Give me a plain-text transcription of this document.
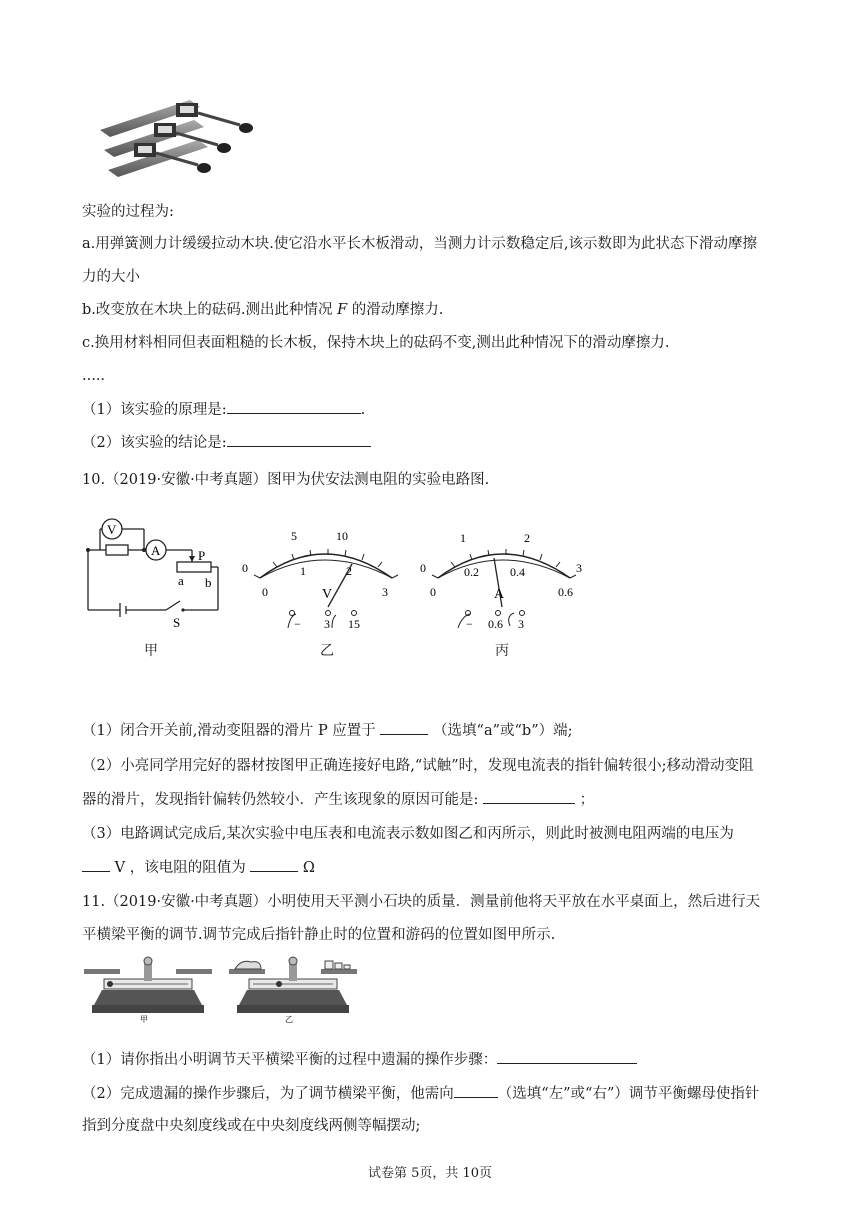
实验的过程为:
a.用弹簧测力计缓缓拉动木块.使它沿水平长木板滑动，当测力计示数稳定后,该示数即为此状态下滑动摩擦
力的大小
b.改变放在木块上的砝码.测出此种情况 F 的滑动摩擦力.
c.换用材料相同但表面粗糙的长木板，保持木块上的砝码不变,测出此种情况下的滑动摩擦力.
.....
（1）该实验的原理是:	.
（2）该实验的结论是:
10.（2019·安徽·中考真题）图甲为伏安法测电阻的实验电路图.
V
A	P
a b
S
0
5	10
0
1	2
3
V
− 3 15
0
1	2
3
0
0.2	0.4
0.6
A
− 0.6 3
甲	乙	丙
（1）闭合开关前,滑动变阻器的滑片 P 应置于	（选填“a”或“b”）端;
（2）小亮同学用完好的器材按图甲正确连接好电路,“试触”时，发现电流表的指针偏转很小;移动滑动变阻
器的滑片，发现指针偏转仍然较小．产生该现象的原因可能是:	；
（3）电路调试完成后,某次实验中电压表和电流表示数如图乙和丙所示，则此时被测电阻两端的电压为
V ，该电阻的阻值为	Ω
11.（2019·安徽·中考真题）小明使用天平测小石块的质量．测量前他将天平放在水平桌面上，然后进行天
平横梁平衡的调节.调节完成后指针静止时的位置和游码的位置如图甲所示.
甲	乙
（1）请你指出小明调节天平横梁平衡的过程中遗漏的操作步骤：
（2）完成遗漏的操作步骤后，为了调节横梁平衡，他需向	（选填“左”或“右”）调节平衡螺母使指针
指到分度盘中央刻度线或在中央刻度线两侧等幅摆动;
试卷第 5页，共 10页
